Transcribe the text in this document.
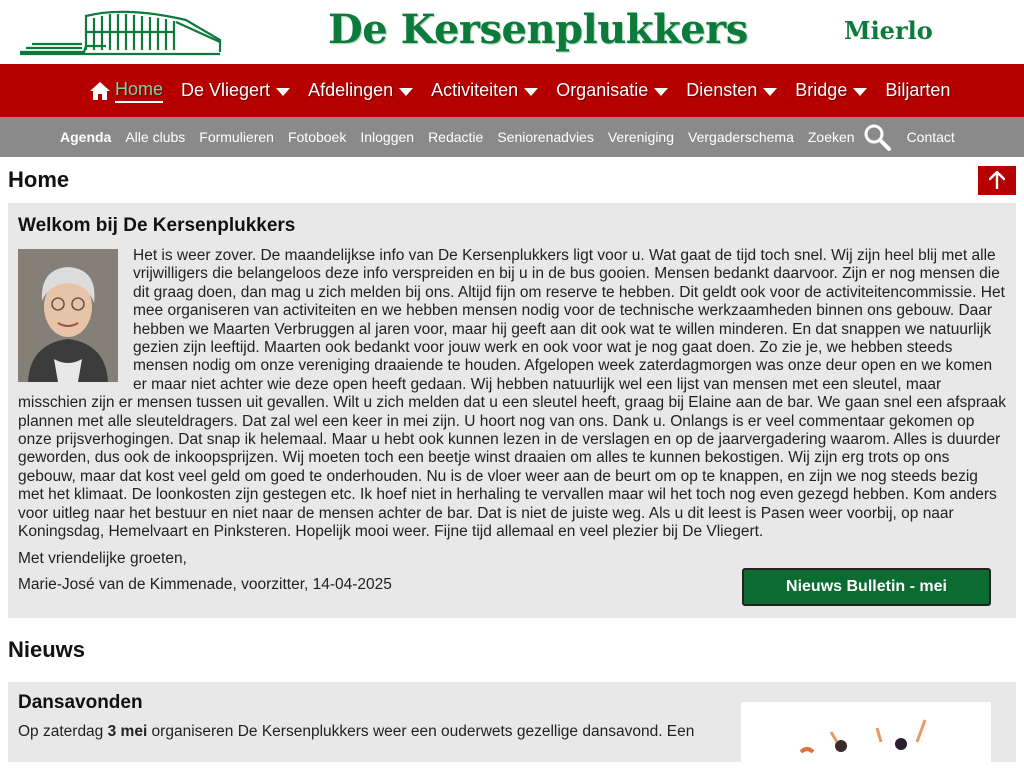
De Kersenplukkers	Mierlo
Home De Vliegert Afdelingen Activiteiten Organisatie Diensten Bridge Biljarten
Agenda	Alle clubs	Formulieren	Fotoboek	Inloggen	Redactie	Seniorenadvies	Vereniging	Vergaderschema	Zoeken	Contact
Home
Welkom bij De Kersenplukkers
Het is weer zover. De maandelijkse info van De Kersenplukkers ligt voor u. Wat gaat de tijd toch snel. Wij zijn heel blij met alle vrijwilligers die belangeloos deze info verspreiden en bij u in de bus gooien. Mensen bedankt daarvoor. Zijn er nog mensen die dit graag doen, dan mag u zich melden bij ons. Altijd fijn om reserve te hebben. Dit geldt ook voor de activiteitencommissie. Het mee organiseren van activiteiten en we hebben mensen nodig voor de technische werkzaamheden binnen ons gebouw. Daar hebben we Maarten Verbruggen al jaren voor, maar hij geeft aan dit ook wat te willen minderen. En dat snappen we natuurlijk gezien zijn leeftijd. Maarten ook bedankt voor jouw werk en ook voor wat je nog gaat doen. Zo zie je, we hebben steeds mensen nodig om onze vereniging draaiende te houden. Afgelopen week zaterdagmorgen was onze deur open en we komen er maar niet achter wie deze open heeft gedaan. Wij hebben natuurlijk wel een lijst van mensen met een sleutel, maar misschien zijn er mensen tussen uit gevallen. Wilt u zich melden dat u een sleutel heeft, graag bij Elaine aan de bar. We gaan snel een afspraak plannen met alle sleuteldragers. Dat zal wel een keer in mei zijn. U hoort nog van ons. Dank u. Onlangs is er veel commentaar gekomen op onze prijsverhogingen. Dat snap ik helemaal. Maar u hebt ook kunnen lezen in de verslagen en op de jaarvergadering waarom. Alles is duurder geworden, dus ook de inkoopsprijzen. Wij moeten toch een beetje winst draaien om alles te kunnen bekostigen. Wij zijn erg trots op ons gebouw, maar dat kost veel geld om goed te onderhouden. Nu is de vloer weer aan de beurt om op te knappen, en zijn we nog steeds bezig met het klimaat. De loonkosten zijn gestegen etc. Ik hoef niet in herhaling te vervallen maar wil het toch nog even gezegd hebben. Kom anders voor uitleg naar het bestuur en niet naar de mensen achter de bar. Dat is niet de juiste weg. Als u dit leest is Pasen weer voorbij, op naar Koningsdag, Hemelvaart en Pinksteren. Hopelijk mooi weer. Fijne tijd allemaal en veel plezier bij De Vliegert.
Met vriendelijke groeten,
Marie-José van de Kimmenade, voorzitter, 14-04-2025	Nieuws Bulletin - mei
Nieuws
Dansavonden
Op zaterdag 3 mei organiseren De Kersenplukkers weer een ouderwets gezellige dansavond. Een
